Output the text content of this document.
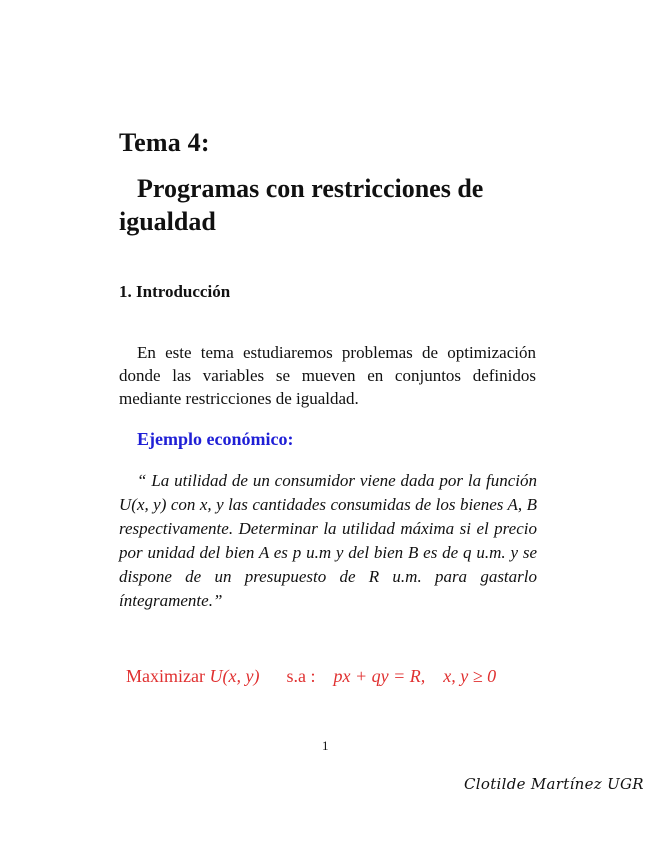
Tema 4:
Programas con restricciones de igualdad
1. Introducción
En este tema estudiaremos problemas de optimización donde las variables se mueven en conjuntos definidos mediante restricciones de igualdad.
Ejemplo económico:
“ La utilidad de un consumidor viene dada por la función U(x, y) con x, y las cantidades consumidas de los bienes A, B respectivamente. Determinar la utilidad máxima si el precio por unidad del bien A es p u.m y del bien B es de q u.m. y se dispone de un presupuesto de R u.m. para gastarlo íntegramente.”
Maximizar U(x, y) s.a : px + qy = R, x, y ≥ 0
1
Clotilde Martínez UGR
